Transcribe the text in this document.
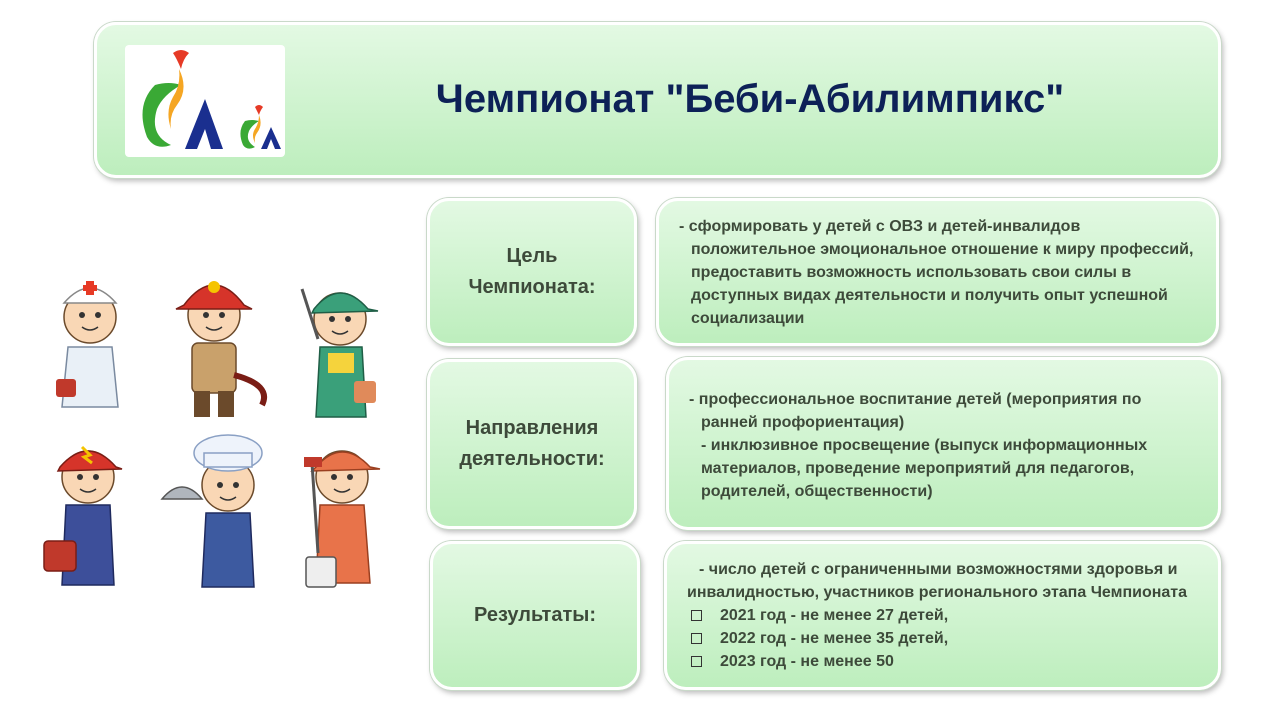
Чемпионат "Беби-Абилимпикс"
Цель
Чемпионата:
- сформировать у детей с ОВЗ и детей-инвалидов
положительное эмоциональное отношение к миру профессий,
предоставить возможность использовать свои силы в
доступных видах деятельности и получить опыт успешной
социализации
Направления
деятельности:
- профессиональное воспитание детей (мероприятия по
ранней профориентация)
- инклюзивное просвещение (выпуск информационных
материалов, проведение мероприятий для педагогов,
родителей, общественности)
Результаты:
- число детей с ограниченными возможностями здоровья и
инвалидностью, участников регионального этапа Чемпионата
2021 год - не менее 27 детей,
2022 год - не менее 35 детей,
2023 год - не менее 50
